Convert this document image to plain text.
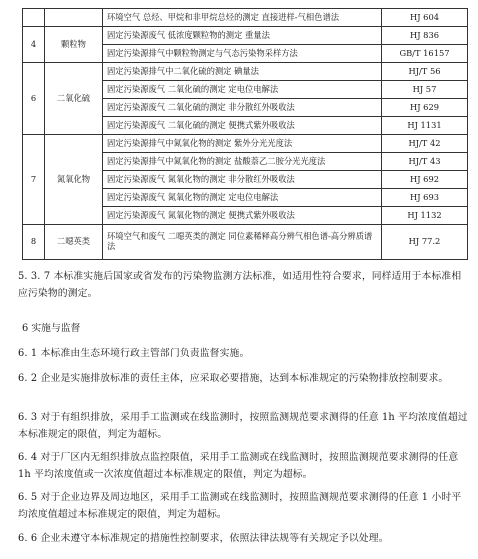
		环境空气 总烃、甲烷和非甲烷总烃的测定 直接进样-气相色谱法	HJ 604
4	颗粒物	固定污染源废气 低浓度颗粒物的测定 重量法	HJ 836
		固定污染源排气中颗粒物测定与气态污染物采样方法	GB/T 16157
6	二氧化硫	固定污染源排气中二氧化硫的测定 碘量法	HJ/T 56
		固定污染源废气 二氧化硫的测定 定电位电解法	HJ 57
		固定污染源废气 二氧化硫的测定 非分散红外吸收法	HJ 629
		固定污染源废气 二氧化硫的测定 便携式紫外吸收法	HJ 1131
7	氮氧化物	固定污染源排气中氮氧化物的测定 紫外分光光度法	HJ/T 42
		固定污染源排气中氮氧化物的测定 盐酸萘乙二胺分光光度法	HJ/T 43
		固定污染源废气 氮氧化物的测定 非分散红外吸收法	HJ 692
		固定污染源废气 氮氧化物的测定 定电位电解法	HJ 693
		固定污染源废气 氮氧化物的测定 便携式紫外吸收法	HJ 1132
8	二噁英类	环境空气和废气 二噁英类的测定 同位素稀释高分辨气相色谱-高分辨质谱法	HJ 77.2

5. 3. 7 本标准实施后国家或省发布的污染物监测方法标准，如适用性符合要求，同样适用于本标准相应污染物的测定。

6 实施与监督

6. 1 本标准由生态环境行政主管部门负责监督实施。

6. 2 企业是实施排放标准的责任主体，应采取必要措施，达到本标准规定的污染物排放控制要求。

6. 3 对于有组织排放，采用手工监测或在线监测时，按照监测规范要求测得的任意 1h 平均浓度值超过本标准规定的限值，判定为超标。

6. 4 对于厂区内无组织排放点监控限值，采用手工监测或在线监测时，按照监测规范要求测得的任意 1h 平均浓度值或一次浓度值超过本标准规定的限值，判定为超标。

6. 5 对于企业边界及周边地区，采用手工监测或在线监测时，按照监测规范要求测得的任意 1 小时平均浓度值超过本标准规定的限值，判定为超标。

6. 6 企业未遵守本标准规定的措施性控制要求，依照法律法规等有关规定予以处理。
